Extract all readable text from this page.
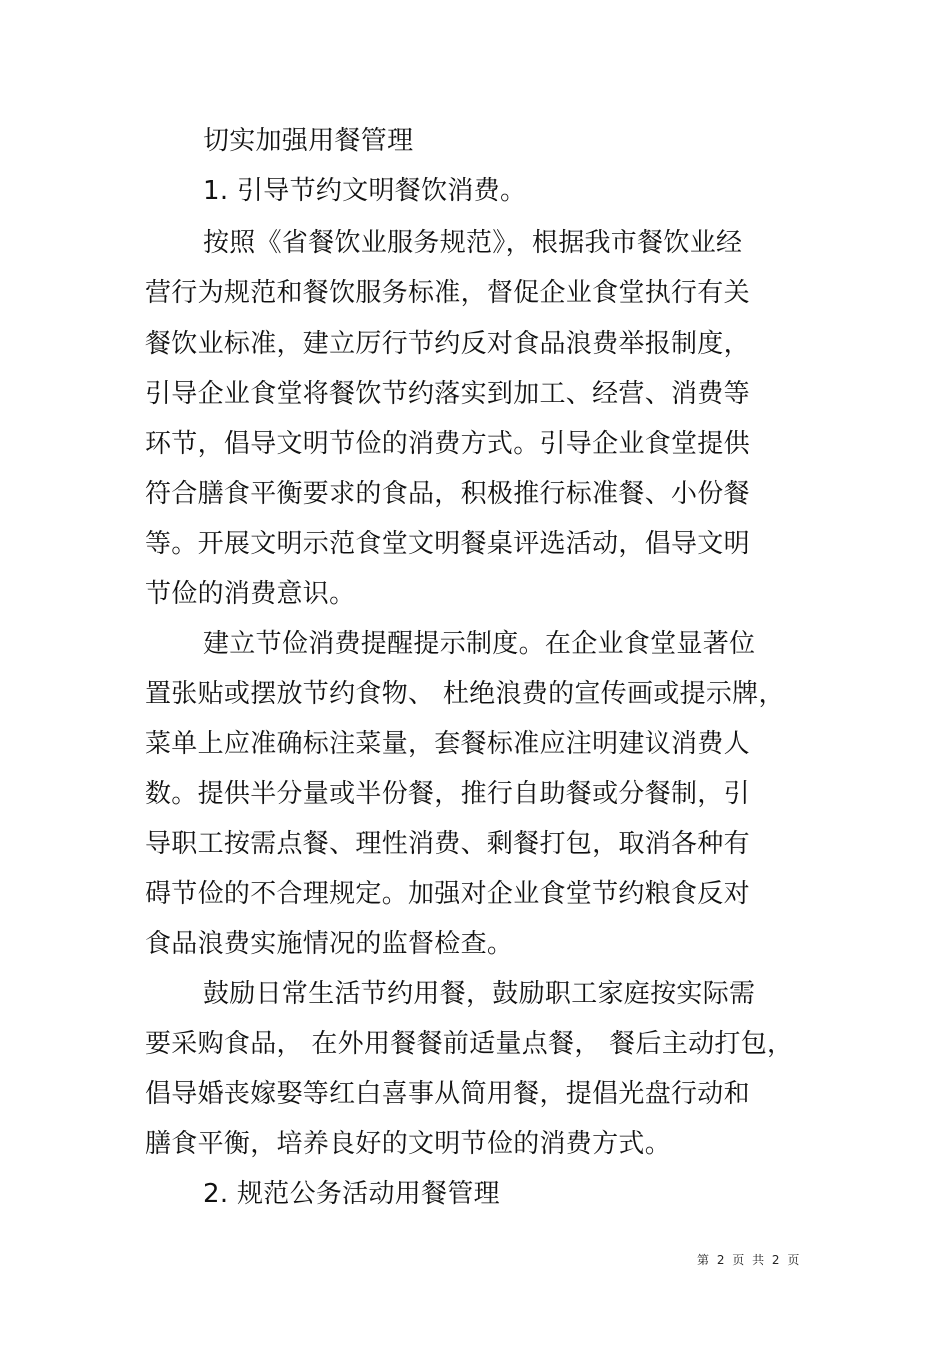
切实加强用餐管理
1. 引导节约文明餐饮消费。
按照《省餐饮业服务规范》，根据我市餐饮业经
营行为规范和餐饮服务标准，督促企业食堂执行有关
餐饮业标准，建立厉行节约反对食品浪费举报制度，
引导企业食堂将餐饮节约落实到加工、经营、消费等
环节，倡导文明节俭的消费方式。引导企业食堂提供
符合膳食平衡要求的食品，积极推行标准餐、小份餐
等。开展文明示范食堂文明餐桌评选活动，倡导文明
节俭的消费意识。
建立节俭消费提醒提示制度。在企业食堂显著位
置张贴或摆放节约食物、 杜绝浪费的宣传画或提示牌，
菜单上应准确标注菜量，套餐标准应注明建议消费人
数。提供半分量或半份餐，推行自助餐或分餐制，引
导职工按需点餐、理性消费、剩餐打包，取消各种有
碍节俭的不合理规定。加强对企业食堂节约粮食反对
食品浪费实施情况的监督检查。
鼓励日常生活节约用餐，鼓励职工家庭按实际需
要采购食品， 在外用餐餐前适量点餐， 餐后主动打包，
倡导婚丧嫁娶等红白喜事从简用餐，提倡光盘行动和
膳食平衡，培养良好的文明节俭的消费方式。
2. 规范公务活动用餐管理
第 2 页 共 2 页
